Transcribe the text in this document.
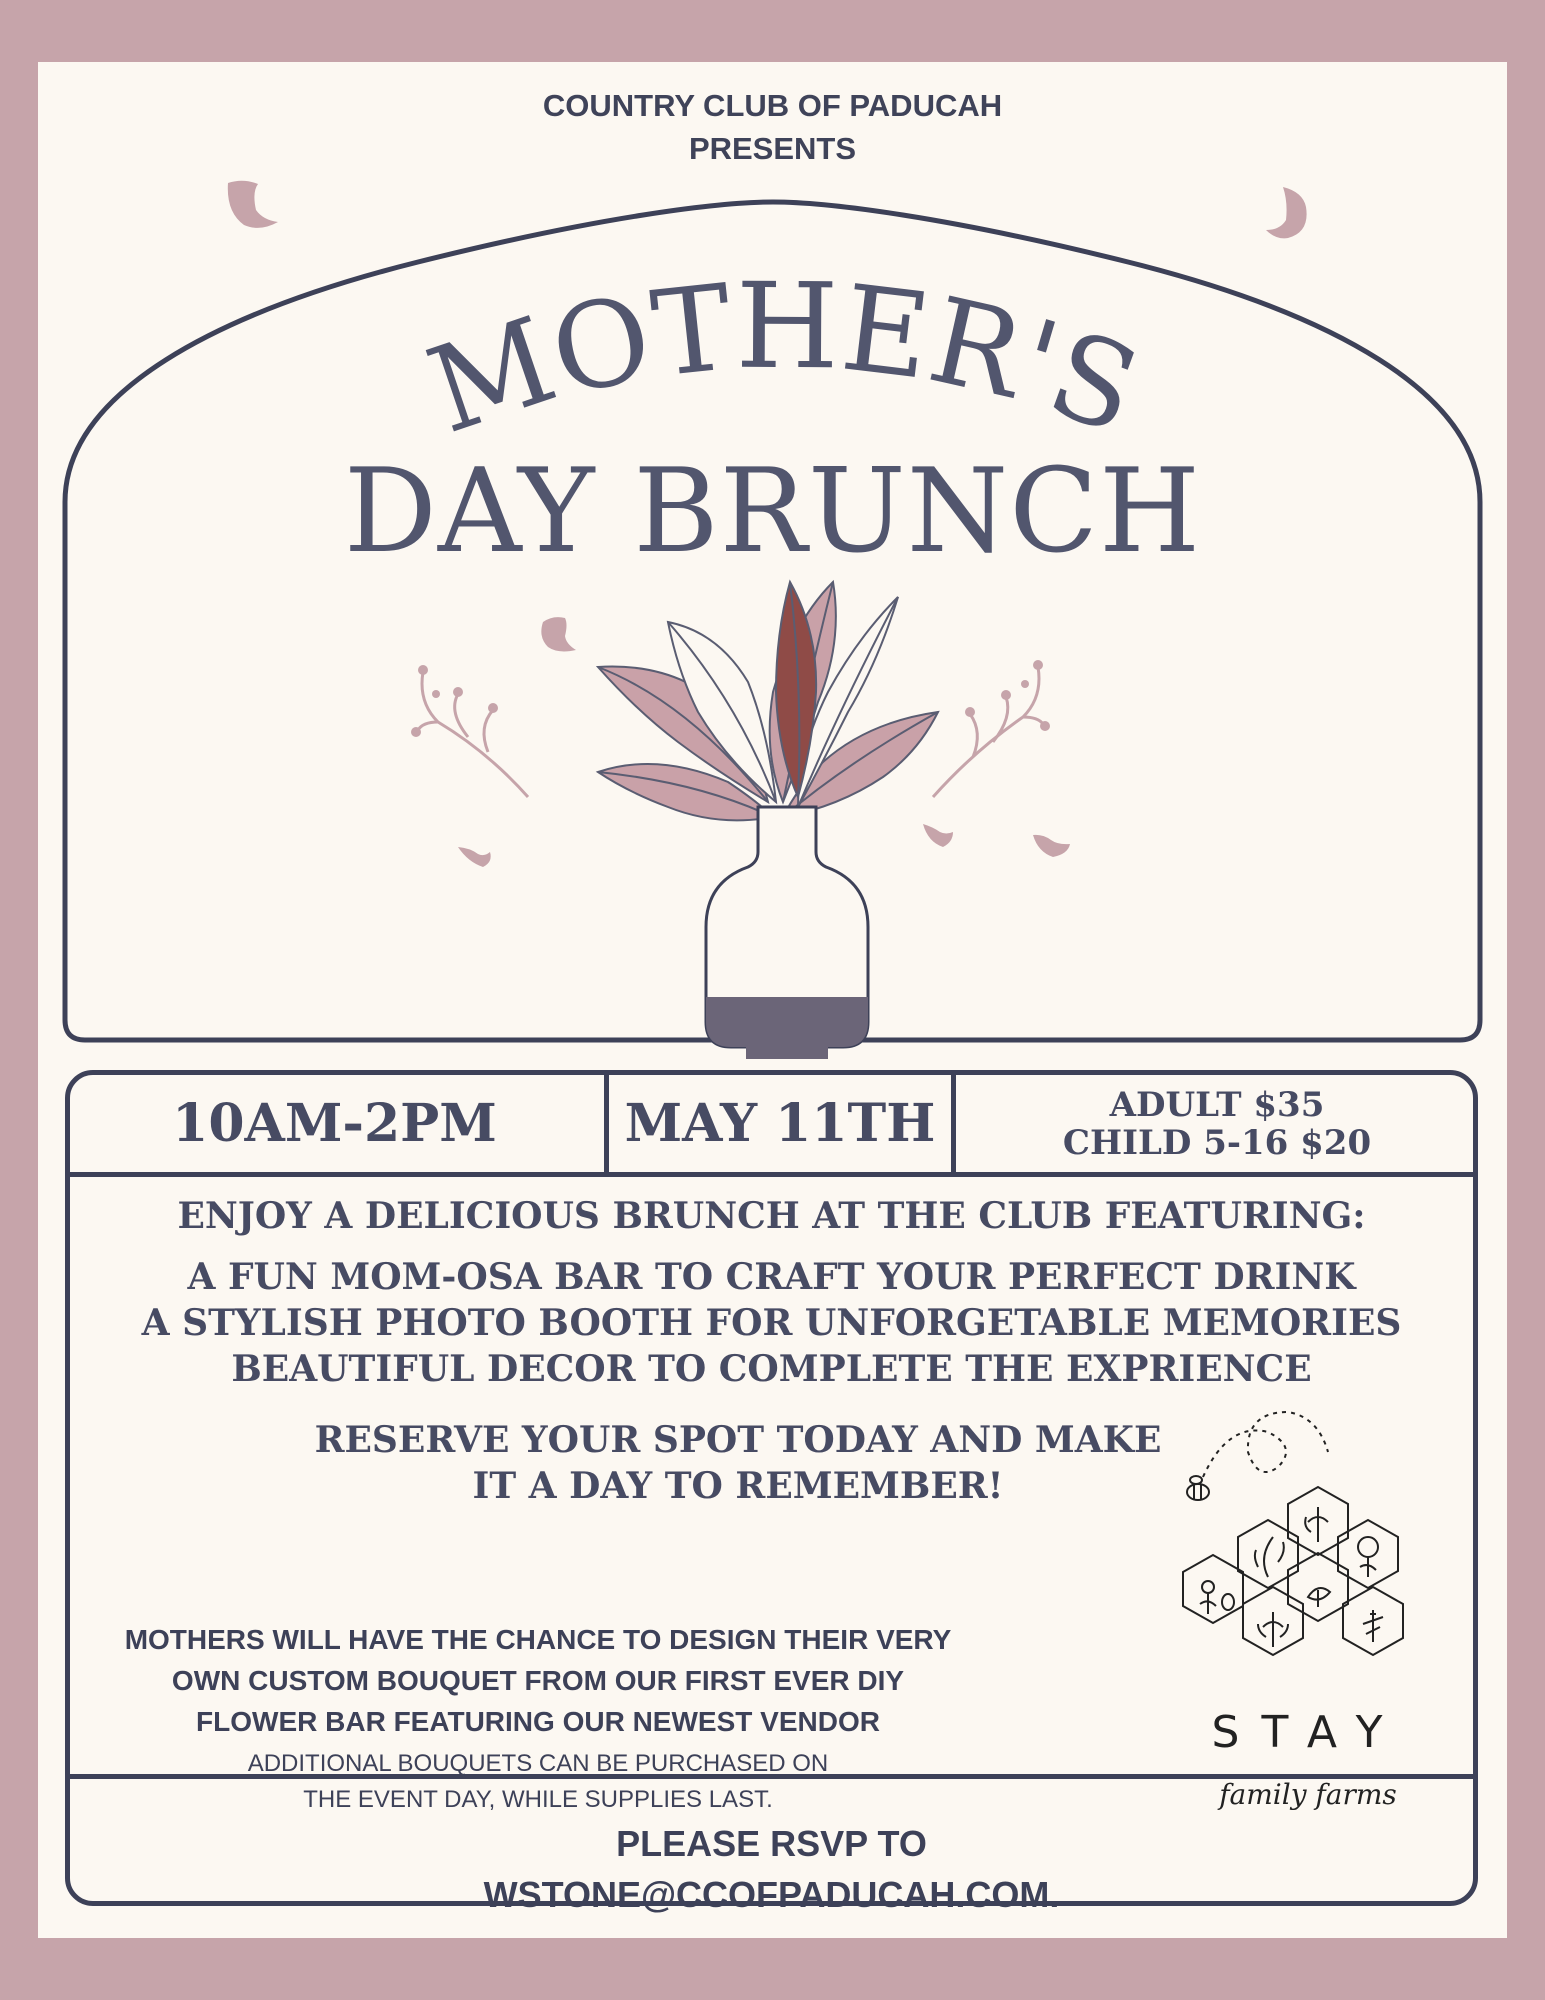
COUNTRY CLUB OF PADUCAH
PRESENTS
MOTHER'S
DAY BRUNCH
10AM-2PM	MAY 11TH	ADULT $35
CHILD 5-16 $20
ENJOY A DELICIOUS BRUNCH AT THE CLUB FEATURING:
A FUN MOM-OSA BAR TO CRAFT YOUR PERFECT DRINK
A STYLISH PHOTO BOOTH FOR UNFORGETABLE MEMORIES
BEAUTIFUL DECOR TO COMPLETE THE EXPRIENCE
RESERVE YOUR SPOT TODAY AND MAKE
IT A DAY TO REMEMBER!
MOTHERS WILL HAVE THE CHANCE TO DESIGN THEIR VERY
OWN CUSTOM BOUQUET FROM OUR FIRST EVER DIY
FLOWER BAR FEATURING OUR NEWEST VENDOR
ADDITIONAL BOUQUETS CAN BE PURCHASED ON
THE EVENT DAY, WHILE SUPPLIES LAST.
STAY
family farms
PLEASE RSVP TO
WSTONE@CCOFPADUCAH.COM.
